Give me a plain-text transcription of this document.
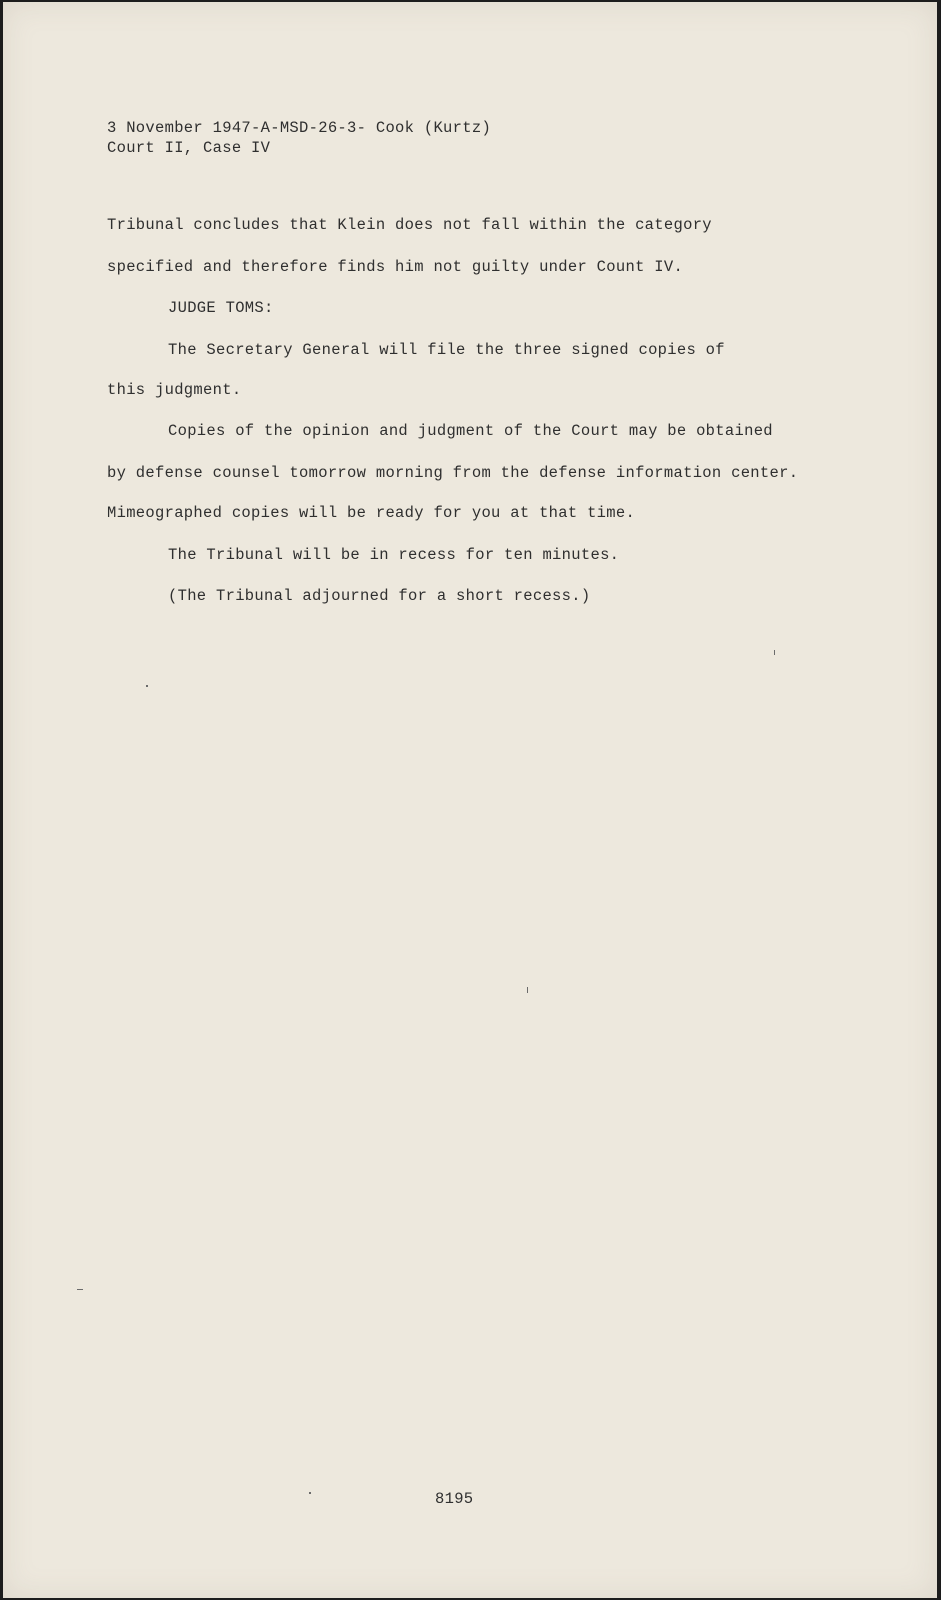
3 November 1947-A-MSD-26-3- Cook (Kurtz)
Court II, Case IV
Tribunal concludes that Klein does not fall within the category
specified and therefore finds him not guilty under Count IV.
JUDGE TOMS:
The Secretary General will file the three signed copies of
this judgment.
Copies of the opinion and judgment of the Court may be obtained
by defense counsel tomorrow morning from the defense information center.
Mimeographed copies will be ready for you at that time.
The Tribunal will be in recess for ten minutes.
(The Tribunal adjourned for a short recess.)
8195
